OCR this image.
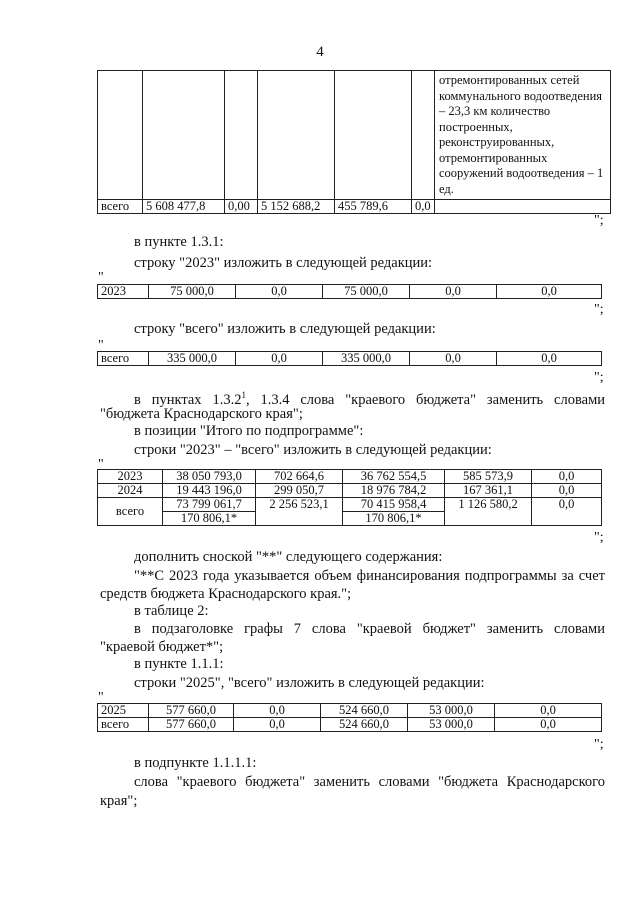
4
						отремонтированных сетей коммунального водоотведения – 23,3 км количество построенных, реконструированных, отремонтированных сооружений водоотведения – 1 ед.
всего	5 608 477,8	0,00	5 152 688,2	455 789,6	0,0	
";
в пункте 1.3.1:
строку "2023" изложить в следующей редакции:
"
2023	75 000,0	0,0	75 000,0	0,0	0,0
";
строку "всего" изложить в следующей редакции:
"
всего	335 000,0	0,0	335 000,0	0,0	0,0
";
в пунктах 1.3.2$^1$, 1.3.4 слова "краевого бюджета" заменить словами
"бюджета Краснодарского края";
в позиции "Итого по подпрограмме":
строки "2023" – "всего" изложить в следующей редакции:
"
2023	38 050 793,0	702 664,6	36 762 554,5	585 573,9	0,0
2024	19 443 196,0	299 050,7	18 976 784,2	167 361,1	0,0
всего	73 799 061,7	2 256 523,1	70 415 958,4	1 126 580,2	0,0
	170 806,1*		170 806,1*		
";
дополнить сноской "**" следующего содержания:
"**С 2023 года указывается объем финансирования подпрограммы за счет
средств бюджета Краснодарского края.";
в таблице 2:
в подзаголовке графы 7 слова "краевой бюджет" заменить словами
"краевой бюджет*";
в пункте 1.1.1:
строки "2025", "всего" изложить в следующей редакции:
"
2025	577 660,0	0,0	524 660,0	53 000,0	0,0
всего	577 660,0	0,0	524 660,0	53 000,0	0,0
";
в подпункте 1.1.1.1:
слова "краевого бюджета" заменить словами "бюджета Краснодарского
края";
